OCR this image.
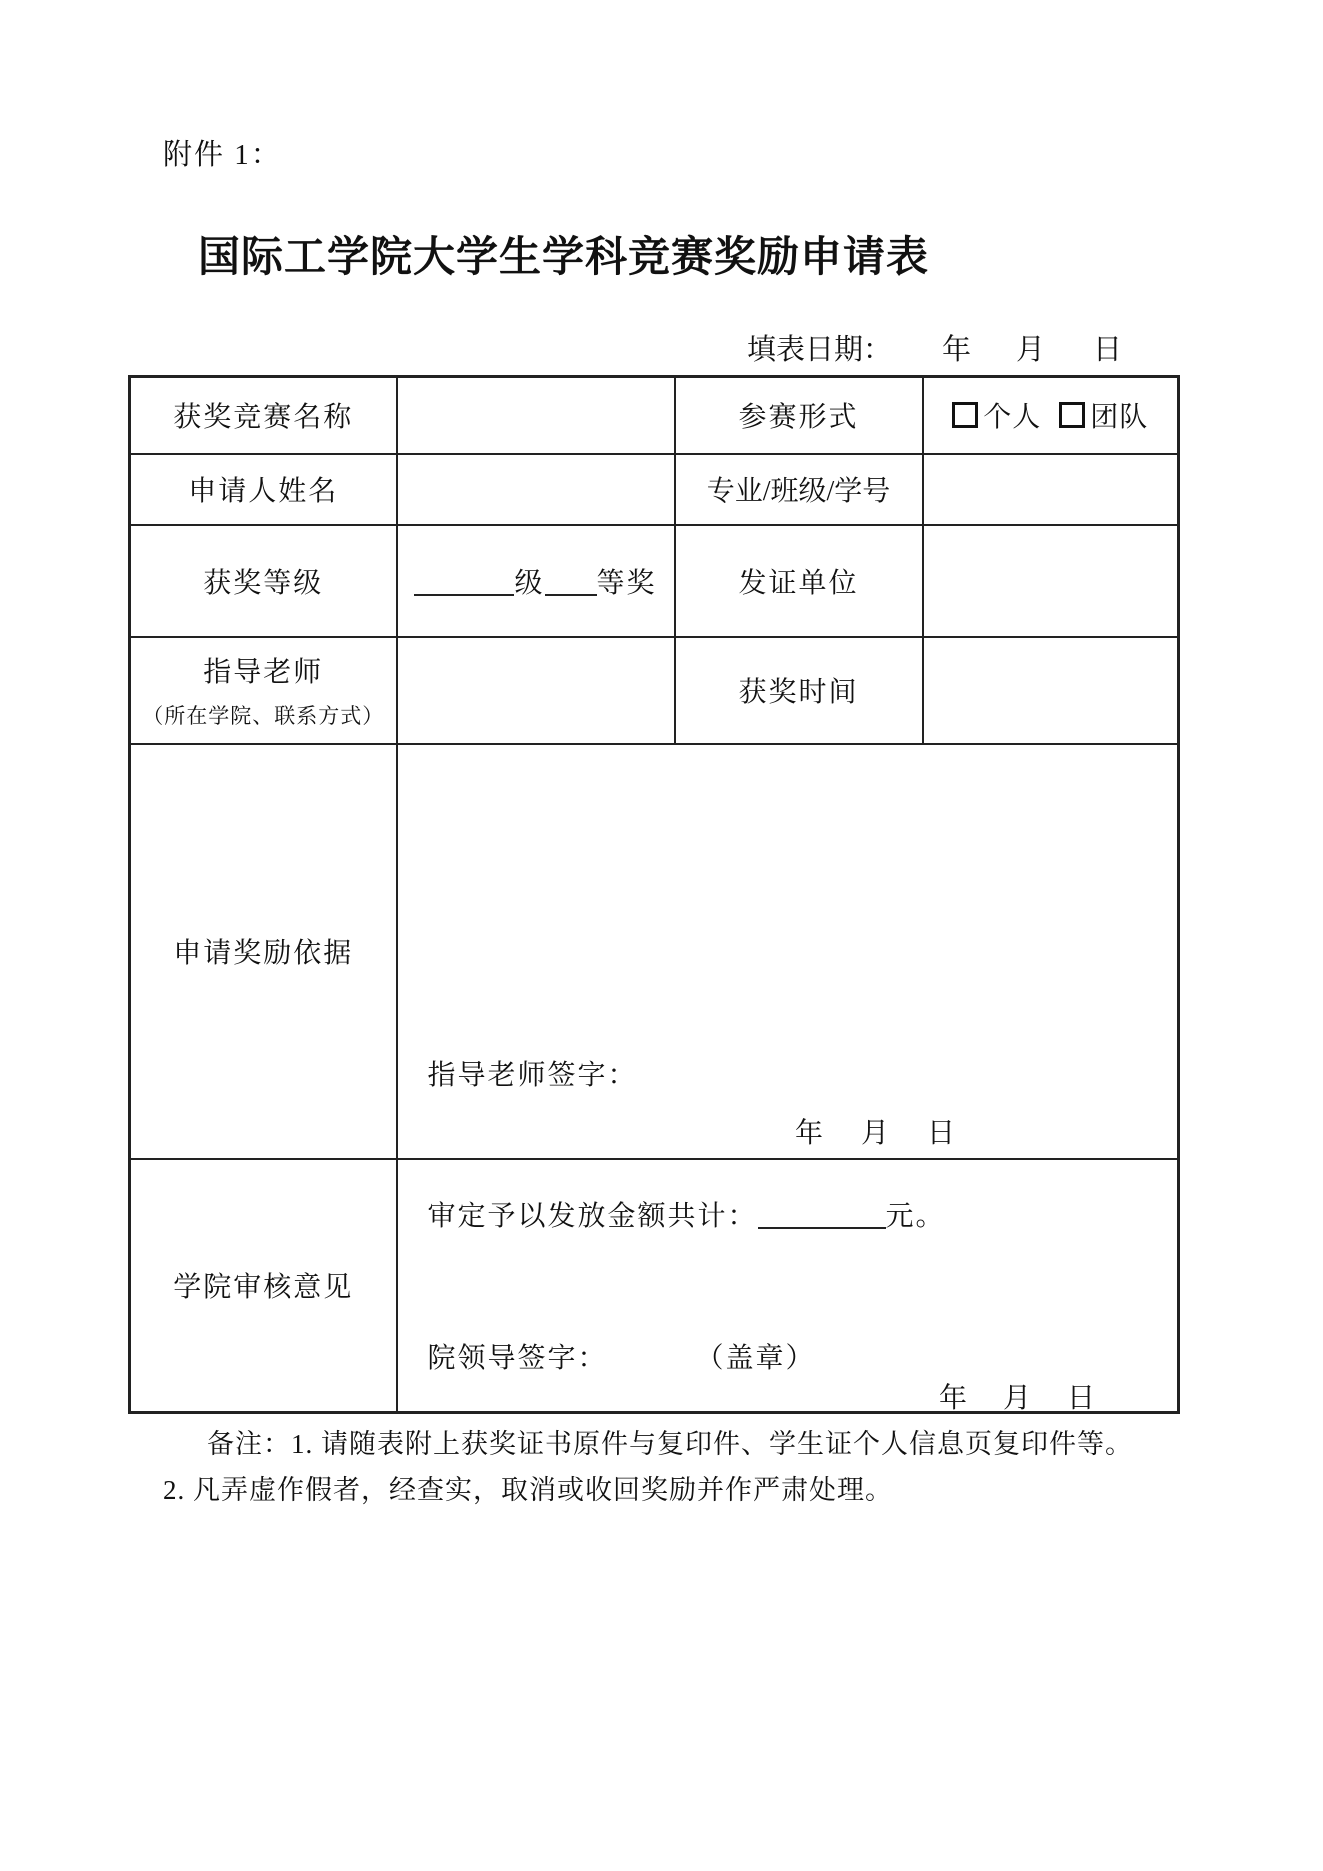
附件 1：
国际工学院大学生学科竞赛奖励申请表
填表日期： 年 月 日
获奖竞赛名称		参赛形式	个人 团队
申请人姓名		专业/班级/学号	
获奖等级	级 等奖	发证单位	

指导老师
（所在学院、联系方式）		获奖时间	
申请奖励依据	指导老师签字：
年 月 日		

学院审核意见	审定予以发放金额共计： 元。
院领导签字： （盖章）
年 月 日		
备注：1. 请随表附上获奖证书原件与复印件、学生证个人信息页复印件等。
2. 凡弄虚作假者，经查实，取消或收回奖励并作严肃处理。
